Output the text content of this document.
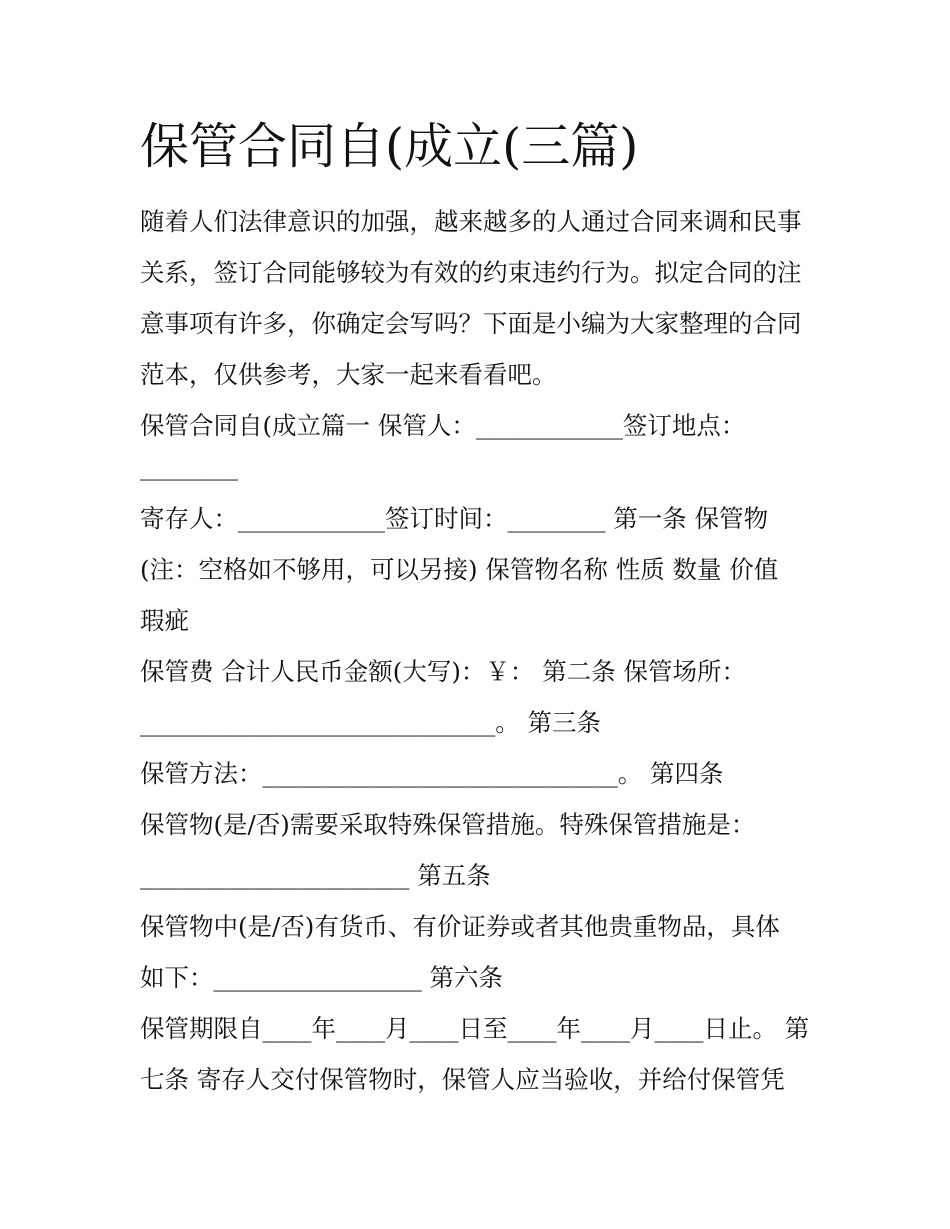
保管合同自(成立(三篇)
随着人们法律意识的加强，越来越多的人通过合同来调和民事
关系，签订合同能够较为有效的约束违约行为。拟定合同的注
意事项有许多，你确定会写吗？下面是小编为大家整理的合同
范本，仅供参考，大家一起来看看吧。
保管合同自(成立篇一 保管人：____________签订地点：
________
寄存人：____________签订时间：________ 第一条 保管物
(注：空格如不够用，可以另接) 保管物名称 性质 数量 价值
瑕疵
保管费 合计人民币金额(大写)：￥： 第二条 保管场所：
_____________________________。 第三条
保管方法：_____________________________。 第四条
保管物(是/否)需要采取特殊保管措施。特殊保管措施是：
______________________ 第五条
保管物中(是/否)有货币、有价证券或者其他贵重物品，具体
如下：_________________ 第六条
保管期限自____年____月____日至____年____月____日止。 第
七条 寄存人交付保管物时，保管人应当验收，并给付保管凭
